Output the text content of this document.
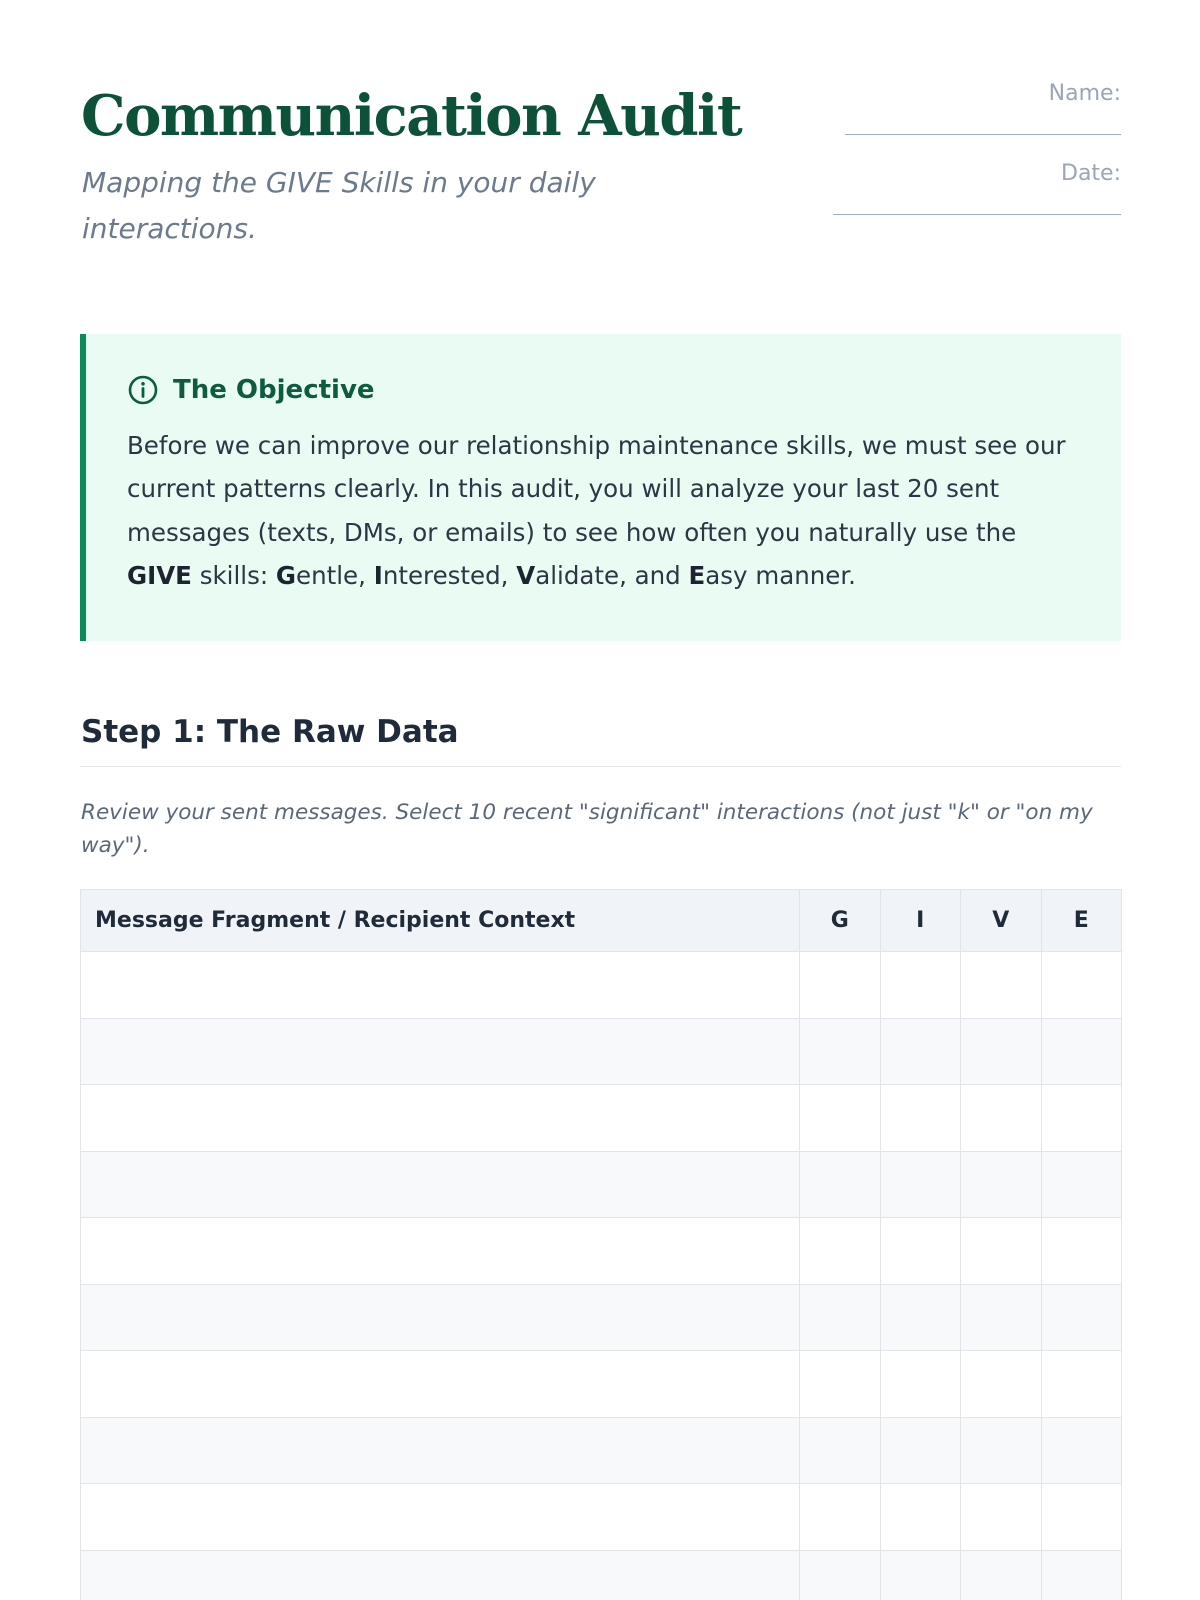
Communication Audit

Mapping the GIVE Skills in your daily interactions.

Name:
Date:
The Objective

Before we can improve our relationship maintenance skills, we must see our current patterns clearly. In this audit, you will analyze your last 20 sent messages (texts, DMs, or emails) to see how often you naturally use the GIVE skills: Gentle, Interested, Validate, and Easy manner.

Step 1: The Raw Data

Review your sent messages. Select 10 recent "significant" interactions (not just "k" or "on my way").

Message Fragment / Recipient Context	G	I	V	E
